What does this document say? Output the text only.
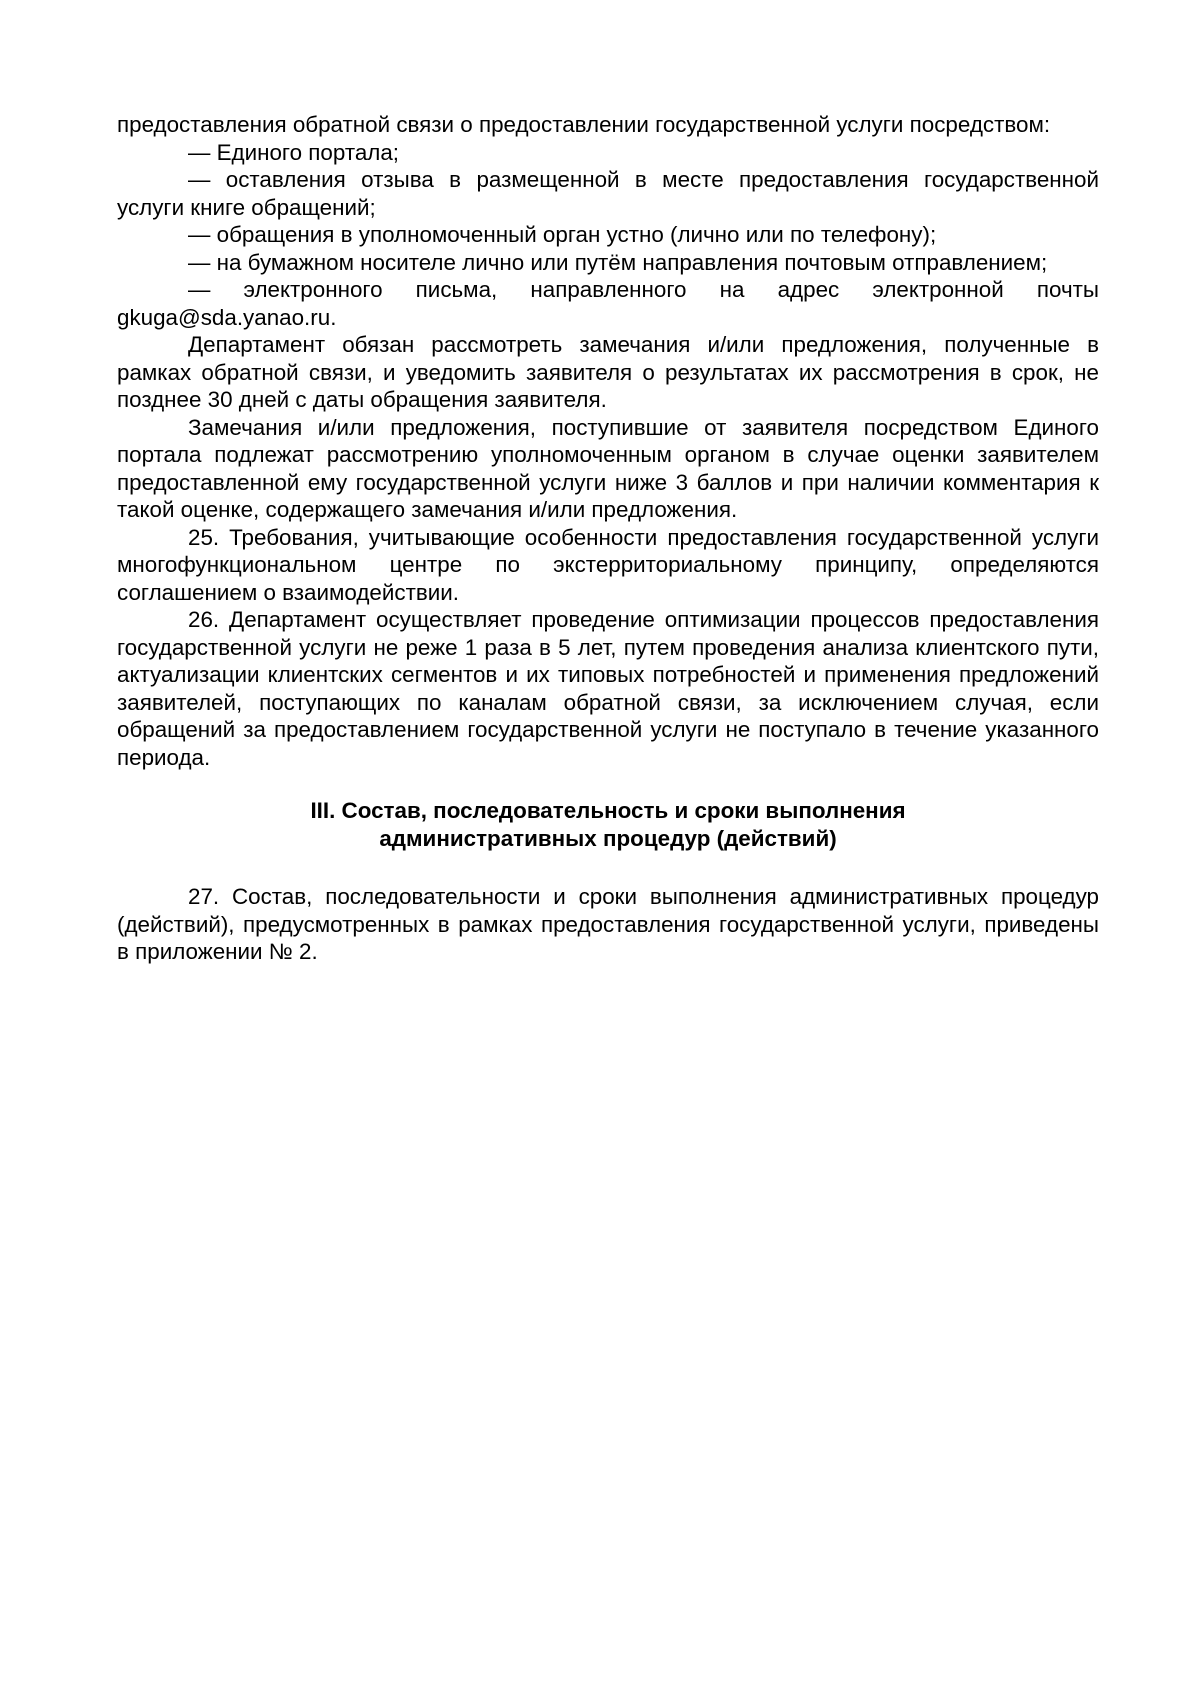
предоставления обратной связи о предоставлении государственной услуги посредством:

— Единого портала;

— оставления отзыва в размещенной в месте предоставления государственной услуги книге обращений;

— обращения в уполномоченный орган устно (лично или по телефону);

— на бумажном носителе лично или путём направления почтовым отправлением;

— электронного письма, направленного на адрес электронной почты gkuga@sda.yanao.ru.

Департамент обязан рассмотреть замечания и/или предложения, полученные в рамках обратной связи, и уведомить заявителя о результатах их рассмотрения в срок, не позднее 30 дней с даты обращения заявителя.

Замечания и/или предложения, поступившие от заявителя посредством Единого портала подлежат рассмотрению уполномоченным органом в случае оценки заявителем предоставленной ему государственной услуги ниже 3 баллов и при наличии комментария к такой оценке, содержащего замечания и/или предложения.

25. Требования, учитывающие особенности предоставления государственной услуги многофункциональном центре по экстерриториальному принципу, определяются соглашением о взаимодействии.

26. Департамент осуществляет проведение оптимизации процессов предоставления государственной услуги не реже 1 раза в 5 лет, путем проведения анализа клиентского пути, актуализации клиентских сегментов и их типовых потребностей и применения предложений заявителей, поступающих по каналам обратной связи, за исключением случая, если обращений за предоставлением государственной услуги не поступало в течение указанного периода.

III. Состав, последовательность и сроки выполнения
административных процедур (действий)

27. Состав, последовательности и сроки выполнения административных процедур (действий), предусмотренных в рамках предоставления государственной услуги, приведены в приложении № 2.
